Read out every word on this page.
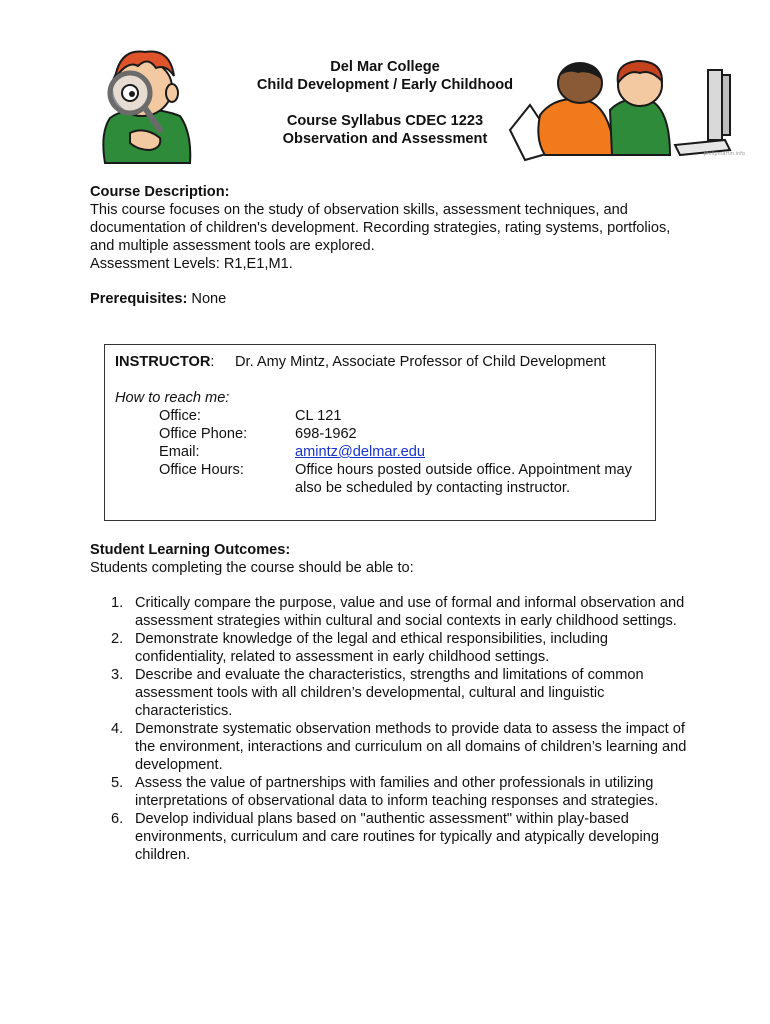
Del Mar College
Child Development / Early Childhood
Course Syllabus CDEC 1223
Observation and Assessment
philipmartin.info
Course Description:
This course focuses on the study of observation skills, assessment techniques, and documentation of children's development. Recording strategies, rating systems, portfolios, and multiple assessment tools are explored.
Assessment Levels: R1,E1,M1.
Prerequisites: None
INSTRUCTOR: Dr. Amy Mintz, Associate Professor of Child Development
How to reach me:
Office:	CL 121
Office Phone:	698-1962
Email:	amintz@delmar.edu
Office Hours:	Office hours posted outside office. Appointment may also be scheduled by contacting instructor.
Student Learning Outcomes:
Students completing the course should be able to:
1. Critically compare the purpose, value and use of formal and informal observation and assessment strategies within cultural and social contexts in early childhood settings.
2. Demonstrate knowledge of the legal and ethical responsibilities, including confidentiality, related to assessment in early childhood settings.
3. Describe and evaluate the characteristics, strengths and limitations of common assessment tools with all children’s developmental, cultural and linguistic characteristics.
4. Demonstrate systematic observation methods to provide data to assess the impact of the environment, interactions and curriculum on all domains of children’s learning and development.
5. Assess the value of partnerships with families and other professionals in utilizing interpretations of observational data to inform teaching responses and strategies.
6. Develop individual plans based on "authentic assessment" within play-based environments, curriculum and care routines for typically and atypically developing children.
